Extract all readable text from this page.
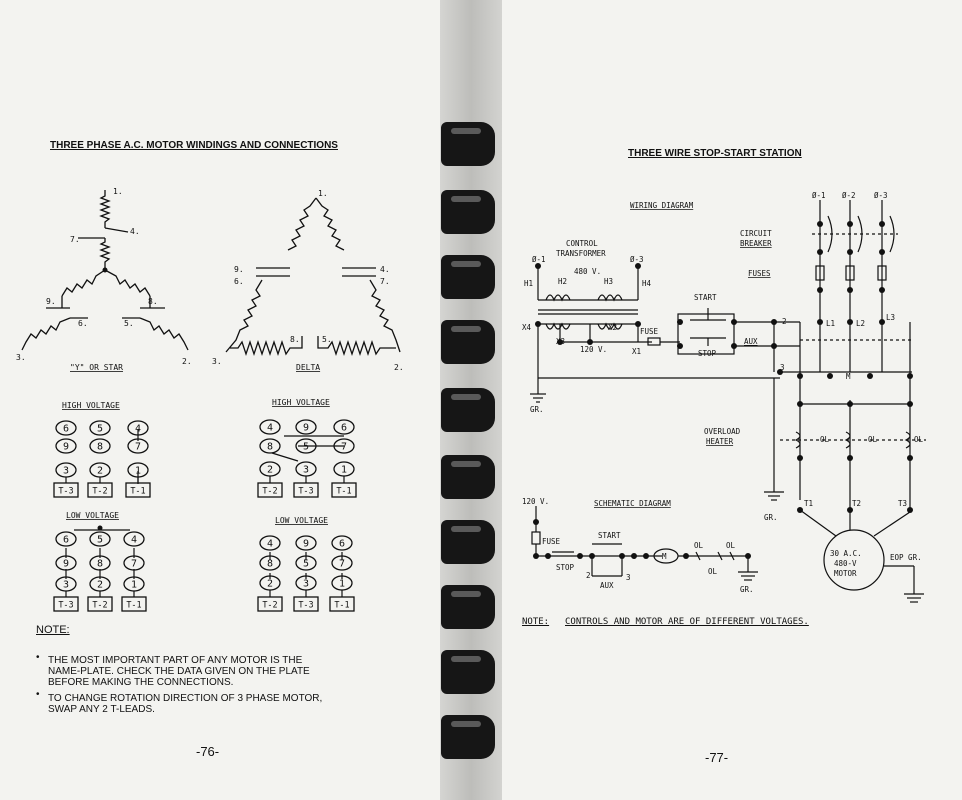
THREE PHASE A.C. MOTOR WINDINGS AND CONNECTIONS
NOTE:
• THE MOST IMPORTANT PART OF ANY MOTOR IS THE
NAME-PLATE. CHECK THE DATA GIVEN ON THE PLATE
BEFORE MAKING THE CONNECTIONS.
• TO CHANGE ROTATION DIRECTION OF 3 PHASE MOTOR,
SWAP ANY 2 T-LEADS.
-76-
THREE WIRE STOP-START STATION
NOTE: CONTROLS AND MOTOR ARE OF DIFFERENT VOLTAGES.
-77-
1.
4.
7.
9.
6.
8.
5.
3.	2.
"Y" OR STAR
1.
9.
6.
4.
7.
8.	5.
3.
2.
DELTA
HIGH VOLTAGE
LOW VOLTAGE
HIGH VOLTAGE
LOW VOLTAGE
6	5	4
9	8	7
3	2	1
T-3 T-2	T-1
6	5	4
9	8	7
3	2	1
T-3 T-2 T-1
4	9	6
8	5	7
2	3	1
T-2 T-3	T-1
4	9	6
8	5	7
2	3	1
T-2 T-3 T-1
WIRING DIAGRAM
Ø-1 Ø-2 Ø-3
CIRCUIT
BREAKER
FUSES
L1	L2
L3
CONTROL
TRANSFORMER
Ø-1	Ø-3
480 V.
H1	H2	H3	H4
X4	X2
X3
X1
120 V.
FUSE
START
STOP
AUX
2
3
M
GR.
OVERLOAD
HEATER	OL	OL	OL
GR.
T1	T2	T3
30 A.C.
480-V
MOTOR
EOP GR.
120 V.	SCHEMATIC DIAGRAM
FUSE
START
STOP
AUX
2	3
M
OL	OL
OL
GR.
